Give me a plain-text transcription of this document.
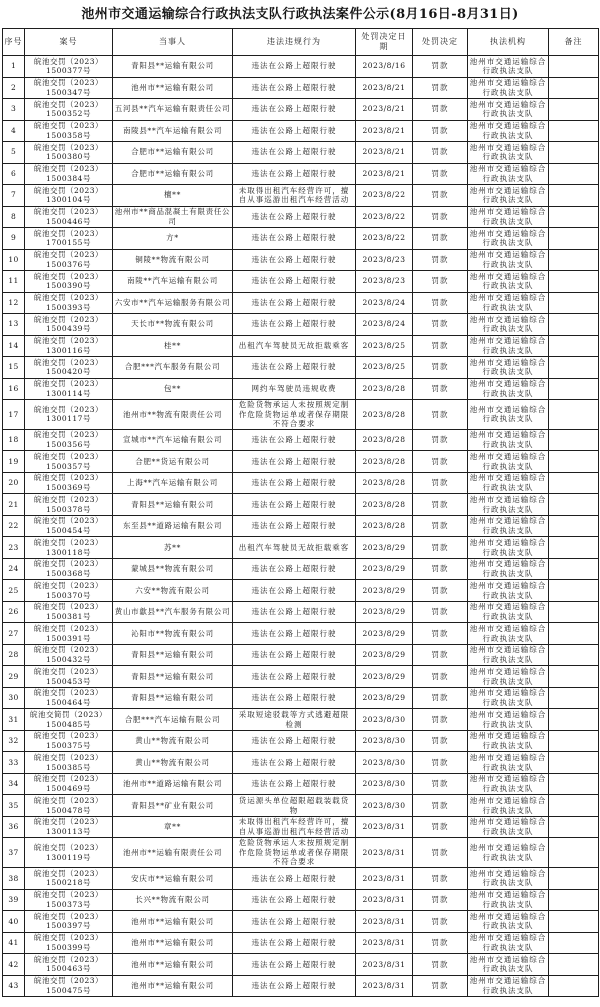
池州市交通运输综合行政执法支队行政执法案件公示(8月16日-8月31日)
序号	案号	当事人	违法违规行为	处罚决定日期	处罚决定	执法机构	备注
1	皖池交罚（2023）1500377号	青阳县**运输有限公司	违法在公路上超限行驶	2023/8/16	罚款	池州市交通运输综合行政执法支队	
2	皖池交罚（2023）1500347号	池州市**运输有限公司	违法在公路上超限行驶	2023/8/21	罚款	池州市交通运输综合行政执法支队	
3	皖池交罚（2023）1500352号	五河县**汽车运输有限责任公司	违法在公路上超限行驶	2023/8/21	罚款	池州市交通运输综合行政执法支队	
4	皖池交罚（2023）1500358号	南陵县**汽车运输有限公司	违法在公路上超限行驶	2023/8/21	罚款	池州市交通运输综合行政执法支队	
5	皖池交罚（2023）1500380号	合肥市**运输有限公司	违法在公路上超限行驶	2023/8/21	罚款	池州市交通运输综合行政执法支队	
6	皖池交罚（2023）1500384号	合肥市**运输有限公司	违法在公路上超限行驶	2023/8/21	罚款	池州市交通运输综合行政执法支队	
7	皖池交罚（2023）1300104号	檀**	未取得出租汽车经营许可，擅自从事巡游出租汽车经营活动	2023/8/22	罚款	池州市交通运输综合行政执法支队	
8	皖池交罚（2023）1500446号	池州市**商品混凝土有限责任公司	违法在公路上超限行驶	2023/8/22	罚款	池州市交通运输综合行政执法支队	
9	皖池交罚（2023）1700155号	方*	违法在公路上超限行驶	2023/8/22	罚款	池州市交通运输综合行政执法支队	
10	皖池交罚（2023）1500376号	铜陵**物流有限公司	违法在公路上超限行驶	2023/8/23	罚款	池州市交通运输综合行政执法支队	
11	皖池交罚（2023）1500390号	南陵**汽车运输有限公司	违法在公路上超限行驶	2023/8/23	罚款	池州市交通运输综合行政执法支队	
12	皖池交罚（2023）1500393号	六安市**汽车运输服务有限公司	违法在公路上超限行驶	2023/8/24	罚款	池州市交通运输综合行政执法支队	
13	皖池交罚（2023）1500439号	天长市**物流有限公司	违法在公路上超限行驶	2023/8/24	罚款	池州市交通运输综合行政执法支队	
14	皖池交罚（2023）1300116号	桂**	出租汽车驾驶员无故拒载乘客	2023/8/25	罚款	池州市交通运输综合行政执法支队	
15	皖池交罚（2023）1500420号	合肥***汽车服务有限公司	违法在公路上超限行驶	2023/8/25	罚款	池州市交通运输综合行政执法支队	
16	皖池交罚（2023）1300114号	包**	网约车驾驶员违规收费	2023/8/28	罚款	池州市交通运输综合行政执法支队	
17	皖池交罚（2023）1300117号	池州市**物流有限责任公司	危险货物承运人未按照规定制作危险货物运单或者保存期限不符合要求	2023/8/28	罚款	池州市交通运输综合行政执法支队	
18	皖池交罚（2023）1500356号	宣城市**汽车运输有限公司	违法在公路上超限行驶	2023/8/28	罚款	池州市交通运输综合行政执法支队	
19	皖池交罚（2023）1500357号	合肥**货运有限公司	违法在公路上超限行驶	2023/8/28	罚款	池州市交通运输综合行政执法支队	
20	皖池交罚（2023）1500369号	上海**汽车运输有限公司	违法在公路上超限行驶	2023/8/28	罚款	池州市交通运输综合行政执法支队	
21	皖池交罚（2023）1500378号	青阳县**运输有限公司	违法在公路上超限行驶	2023/8/28	罚款	池州市交通运输综合行政执法支队	
22	皖池交罚（2023）1500454号	东至县**道路运输有限公司	违法在公路上超限行驶	2023/8/28	罚款	池州市交通运输综合行政执法支队	
23	皖池交罚（2023）1300118号	苏**	出租汽车驾驶员无故拒载乘客	2023/8/29	罚款	池州市交通运输综合行政执法支队	
24	皖池交罚（2023）1500368号	蒙城县**物流有限公司	违法在公路上超限行驶	2023/8/29	罚款	池州市交通运输综合行政执法支队	
25	皖池交罚（2023）1500370号	六安**物流有限公司	违法在公路上超限行驶	2023/8/29	罚款	池州市交通运输综合行政执法支队	
26	皖池交罚（2023）1500381号	黄山市歙县**汽车服务有限公司	违法在公路上超限行驶	2023/8/29	罚款	池州市交通运输综合行政执法支队	
27	皖池交罚（2023）1500391号	沁阳市**物流有限公司	违法在公路上超限行驶	2023/8/29	罚款	池州市交通运输综合行政执法支队	
28	皖池交罚（2023）1500432号	青阳县**运输有限公司	违法在公路上超限行驶	2023/8/29	罚款	池州市交通运输综合行政执法支队	
29	皖池交罚（2023）1500453号	青阳县**运输有限公司	违法在公路上超限行驶	2023/8/29	罚款	池州市交通运输综合行政执法支队	
30	皖池交罚（2023）1500464号	青阳县**运输有限公司	违法在公路上超限行驶	2023/8/29	罚款	池州市交通运输综合行政执法支队	
31	皖池交简罚（2023）1500485号	合肥***汽车运输有限公司	采取短途驳载等方式逃避超限检测	2023/8/30	罚款	池州市交通运输综合行政执法支队	
32	皖池交罚（2023）1500375号	黄山**物流有限公司	违法在公路上超限行驶	2023/8/30	罚款	池州市交通运输综合行政执法支队	
33	皖池交罚（2023）1500385号	黄山**物流有限公司	违法在公路上超限行驶	2023/8/30	罚款	池州市交通运输综合行政执法支队	
34	皖池交罚（2023）1500469号	池州市**道路运输有限公司	违法在公路上超限行驶	2023/8/30	罚款	池州市交通运输综合行政执法支队	
35	皖池交罚（2023）1500478号	青阳县**矿业有限公司	货运源头单位超限超载装载货物	2023/8/30	罚款	池州市交通运输综合行政执法支队	
36	皖池交罚（2023）1300113号	章**	未取得出租汽车经营许可，擅自从事巡游出租汽车经营活动	2023/8/31	罚款	池州市交通运输综合行政执法支队	
37	皖池交罚（2023）1300119号	池州市**运输有限责任公司	危险货物承运人未按照规定制作危险货物运单或者保存期限不符合要求	2023/8/31	罚款	池州市交通运输综合行政执法支队	
38	皖池交罚（2023）1500218号	安庆市**运输有限公司	违法在公路上超限行驶	2023/8/31	罚款	池州市交通运输综合行政执法支队	
39	皖池交罚（2023）1500373号	长兴**物流有限公司	违法在公路上超限行驶	2023/8/31	罚款	池州市交通运输综合行政执法支队	
40	皖池交罚（2023）1500397号	池州市**运输有限公司	违法在公路上超限行驶	2023/8/31	罚款	池州市交通运输综合行政执法支队	
41	皖池交罚（2023）1500399号	池州市**运输有限公司	违法在公路上超限行驶	2023/8/31	罚款	池州市交通运输综合行政执法支队	
42	皖池交罚（2023）1500463号	池州市**运输有限公司	违法在公路上超限行驶	2023/8/31	罚款	池州市交通运输综合行政执法支队	
43	皖池交罚（2023）1500475号	池州市**运输有限公司	违法在公路上超限行驶	2023/8/31	罚款	池州市交通运输综合行政执法支队	
